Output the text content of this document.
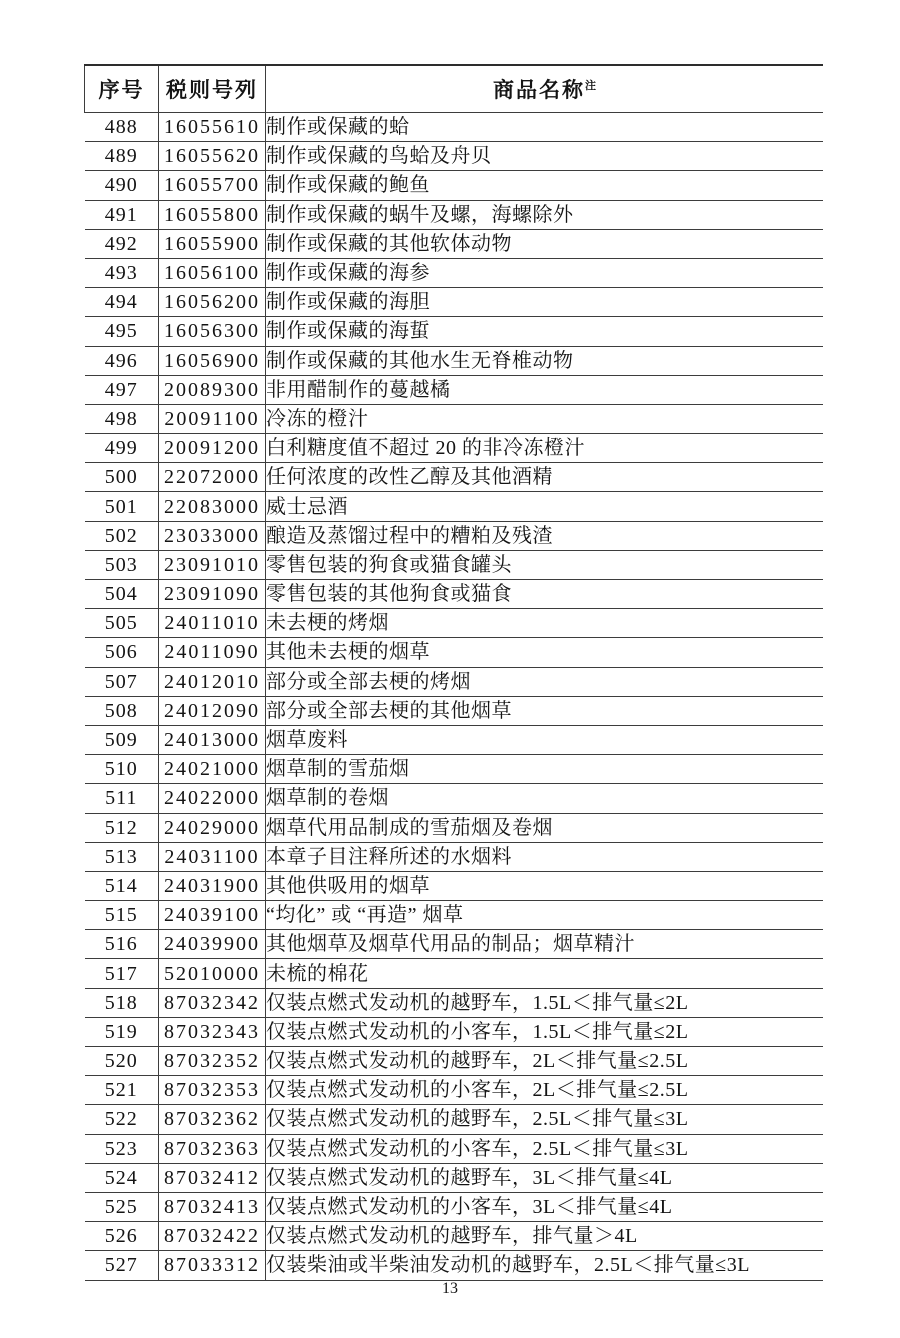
序号	税则号列	商品名称$^注$
488	16055610	制作或保藏的蛤
489	16055620	制作或保藏的鸟蛤及舟贝
490	16055700	制作或保藏的鲍鱼
491	16055800	制作或保藏的蜗牛及螺，海螺除外
492	16055900	制作或保藏的其他软体动物
493	16056100	制作或保藏的海参
494	16056200	制作或保藏的海胆
495	16056300	制作或保藏的海蜇
496	16056900	制作或保藏的其他水生无脊椎动物
497	20089300	非用醋制作的蔓越橘
498	20091100	冷冻的橙汁
499	20091200	白利糖度值不超过 20 的非冷冻橙汁
500	22072000	任何浓度的改性乙醇及其他酒精
501	22083000	威士忌酒
502	23033000	酿造及蒸馏过程中的糟粕及残渣
503	23091010	零售包装的狗食或猫食罐头
504	23091090	零售包装的其他狗食或猫食
505	24011010	未去梗的烤烟
506	24011090	其他未去梗的烟草
507	24012010	部分或全部去梗的烤烟
508	24012090	部分或全部去梗的其他烟草
509	24013000	烟草废料
510	24021000	烟草制的雪茄烟
511	24022000	烟草制的卷烟
512	24029000	烟草代用品制成的雪茄烟及卷烟
513	24031100	本章子目注释所述的水烟料
514	24031900	其他供吸用的烟草
515	24039100	“均化” 或 “再造” 烟草
516	24039900	其他烟草及烟草代用品的制品；烟草精汁
517	52010000	未梳的棉花
518	87032342	仅装点燃式发动机的越野车，1.5L＜排气量≤2L
519	87032343	仅装点燃式发动机的小客车，1.5L＜排气量≤2L
520	87032352	仅装点燃式发动机的越野车，2L＜排气量≤2.5L
521	87032353	仅装点燃式发动机的小客车，2L＜排气量≤2.5L
522	87032362	仅装点燃式发动机的越野车，2.5L＜排气量≤3L
523	87032363	仅装点燃式发动机的小客车，2.5L＜排气量≤3L
524	87032412	仅装点燃式发动机的越野车，3L＜排气量≤4L
525	87032413	仅装点燃式发动机的小客车，3L＜排气量≤4L
526	87032422	仅装点燃式发动机的越野车，排气量＞4L
527	87033312	仅装柴油或半柴油发动机的越野车，2.5L＜排气量≤3L
13
